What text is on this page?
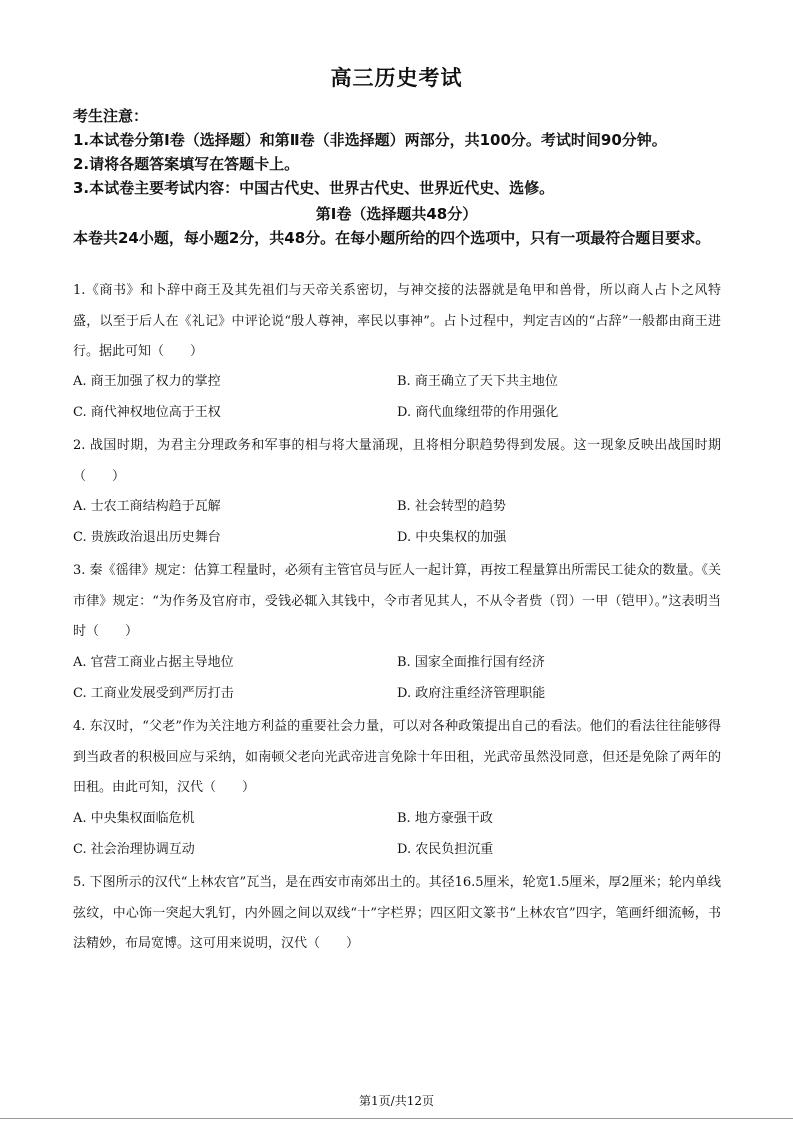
高三历史考试
考生注意：
1.本试卷分第Ⅰ卷（选择题）和第Ⅱ卷（非选择题）两部分，共100分。考试时间90分钟。
2.请将各题答案填写在答题卡上。
3.本试卷主要考试内容：中国古代史、世界古代史、世界近代史、选修。
第Ⅰ卷（选择题共48分）
本卷共24小题，每小题2分，共48分。在每小题所给的四个选项中，只有一项最符合题目要求。
1.《商书》和卜辞中商王及其先祖们与天帝关系密切，与神交接的法器就是龟甲和兽骨，所以商人占卜之风特盛，以至于后人在《礼记》中评论说“殷人尊神，率民以事神”。占卜过程中，判定吉凶的“占辞”一般都由商王进行。据此可知（　　）
A. 商王加强了权力的掌控	B. 商王确立了天下共主地位
C. 商代神权地位高于王权	D. 商代血缘纽带的作用强化
2. 战国时期，为君主分理政务和军事的相与将大量涌现，且将相分职趋势得到发展。这一现象反映出战国时期（　　）
A. 士农工商结构趋于瓦解	B. 社会转型的趋势
C. 贵族政治退出历史舞台	D. 中央集权的加强
3. 秦《徭律》规定：估算工程量时，必须有主管官员与匠人一起计算，再按工程量算出所需民工徒众的数量。《关市律》规定：“为作务及官府市，受钱必辄入其钱中，令市者见其人，不从令者赀（罚）一甲（铠甲）。”这表明当时（　　）
A. 官营工商业占据主导地位	B. 国家全面推行国有经济
C. 工商业发展受到严厉打击	D. 政府注重经济管理职能
4. 东汉时，“父老”作为关注地方利益的重要社会力量，可以对各种政策提出自己的看法。他们的看法往往能够得到当政者的积极回应与采纳，如南顿父老向光武帝进言免除十年田租，光武帝虽然没同意，但还是免除了两年的田租。由此可知，汉代（　　）
A. 中央集权面临危机	B. 地方豪强干政
C. 社会治理协调互动	D. 农民负担沉重
5. 下图所示的汉代“上林农官”瓦当，是在西安市南郊出土的。其径16.5厘米，轮宽1.5厘米，厚2厘米；轮内单线弦纹，中心饰一突起大乳钉，内外圆之间以双线“十”字栏界；四区阳文篆书“上林农官”四字，笔画纤细流畅，书法精妙，布局宽博。这可用来说明，汉代（　　）
第1页/共12页
